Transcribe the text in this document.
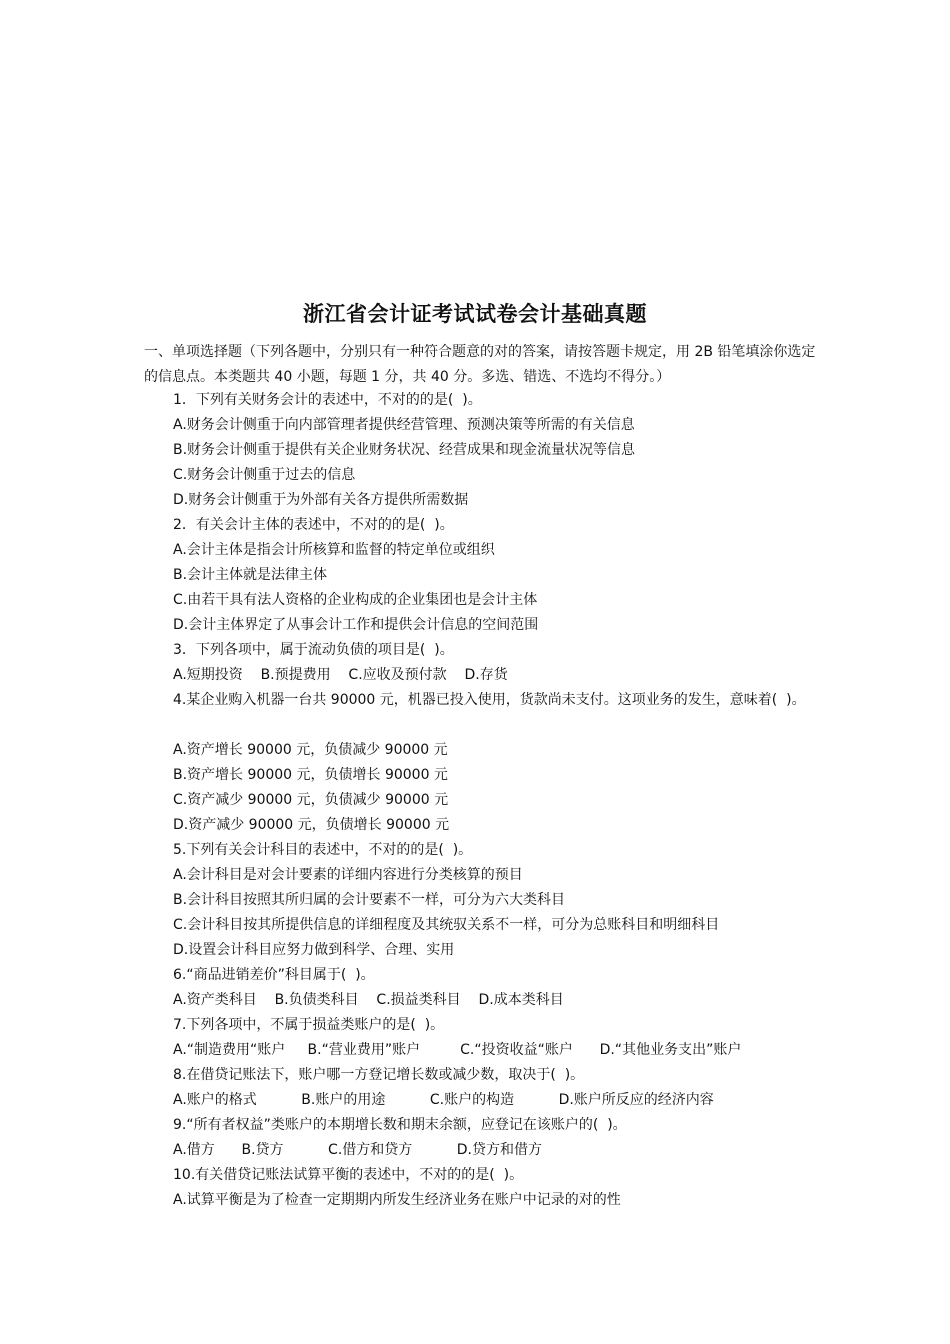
浙江省会计证考试试卷会计基础真题
一、单项选择题（下列各题中，分别只有一种符合题意的对的答案，请按答题卡规定，用 2B 铅笔填涂你选定的信息点。本类题共 40 小题，每题 1 分，共 40 分。多选、错选、不选均不得分。）
1．下列有关财务会计的表述中，不对的的是(  )。
A.财务会计侧重于向内部管理者提供经营管理、预测决策等所需的有关信息
B.财务会计侧重于提供有关企业财务状况、经营成果和现金流量状况等信息
C.财务会计侧重于过去的信息
D.财务会计侧重于为外部有关各方提供所需数据
2．有关会计主体的表述中，不对的的是(  )。
A.会计主体是指会计所核算和监督的特定单位或组织
B.会计主体就是法律主体
C.由若干具有法人资格的企业构成的企业集团也是会计主体
D.会计主体界定了从事会计工作和提供会计信息的空间范围
3．下列各项中，属于流动负债的项目是(  )。
A.短期投资    B.预提费用    C.应收及预付款    D.存货
4.某企业购入机器一台共 90000 元，机器已投入使用，货款尚未支付。这项业务的发生，意味着(  )。
A.资产增长 90000 元，负债减少 90000 元
B.资产增长 90000 元，负债增长 90000 元
C.资产减少 90000 元，负债减少 90000 元
D.资产减少 90000 元，负债增长 90000 元
5.下列有关会计科目的表述中，不对的的是(  )。
A.会计科目是对会计要素的详细内容进行分类核算的预目
B.会计科目按照其所归属的会计要素不一样，可分为六大类科目
C.会计科目按其所提供信息的详细程度及其统驭关系不一样，可分为总账科目和明细科目
D.设置会计科目应努力做到科学、合理、实用
6.“商品进销差价”科目属于(  )。
A.资产类科目    B.负债类科目    C.损益类科目    D.成本类科目
7.下列各项中，不属于损益类账户的是(  )。
A.“制造费用“账户     B.“营业费用”账户         C.“投资收益“账户      D.“其他业务支出”账户
8.在借贷记账法下，账户哪一方登记增长数或减少数，取决于(  )。
A.账户的格式          B.账户的用途          C.账户的构造          D.账户所反应的经济内容
9.“所有者权益”类账户的本期增长数和期末余额，应登记在该账户的(  )。
A.借方      B.贷方          C.借方和贷方          D.贷方和借方
10.有关借贷记账法试算平衡的表述中，不对的的是(  )。
A.试算平衡是为了检查一定期期内所发生经济业务在账户中记录的对的性
